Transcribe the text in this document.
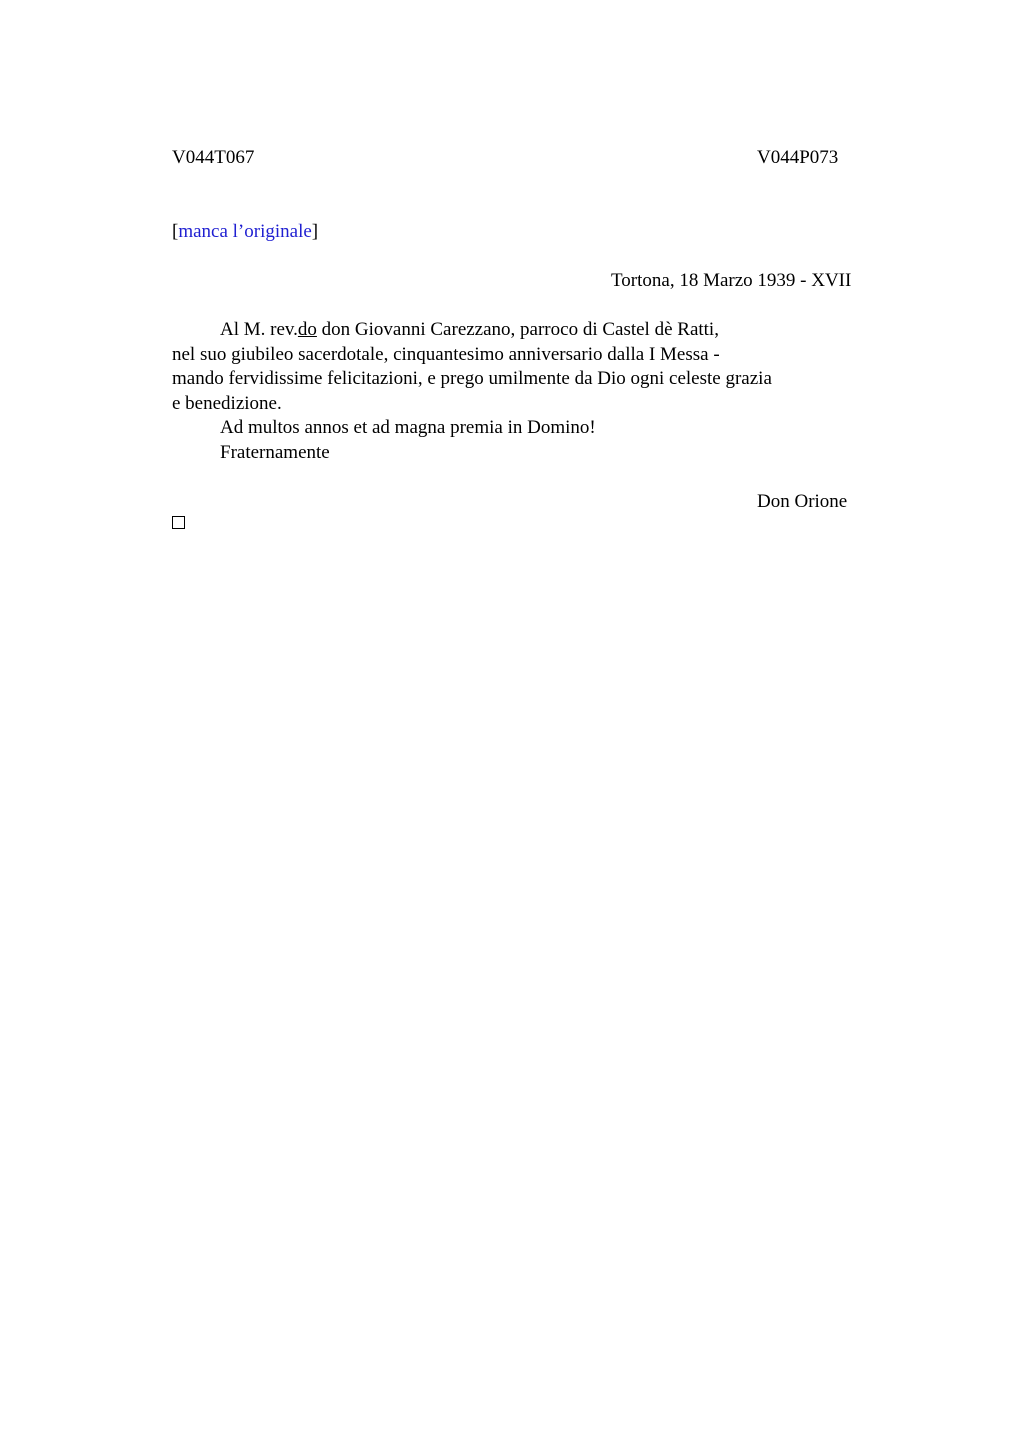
V044T067	V044P073
[manca l’originale]
Tortona, 18 Marzo 1939 - XVII
Al M. rev.do don Giovanni Carezzano, parroco di Castel dè Ratti,
nel suo giubileo sacerdotale, cinquantesimo anniversario dalla I Messa -
mando fervidissime felicitazioni, e prego umilmente da Dio ogni celeste grazia
e benedizione.
Ad multos annos et ad magna premia in Domino!
Fraternamente
Don Orione
